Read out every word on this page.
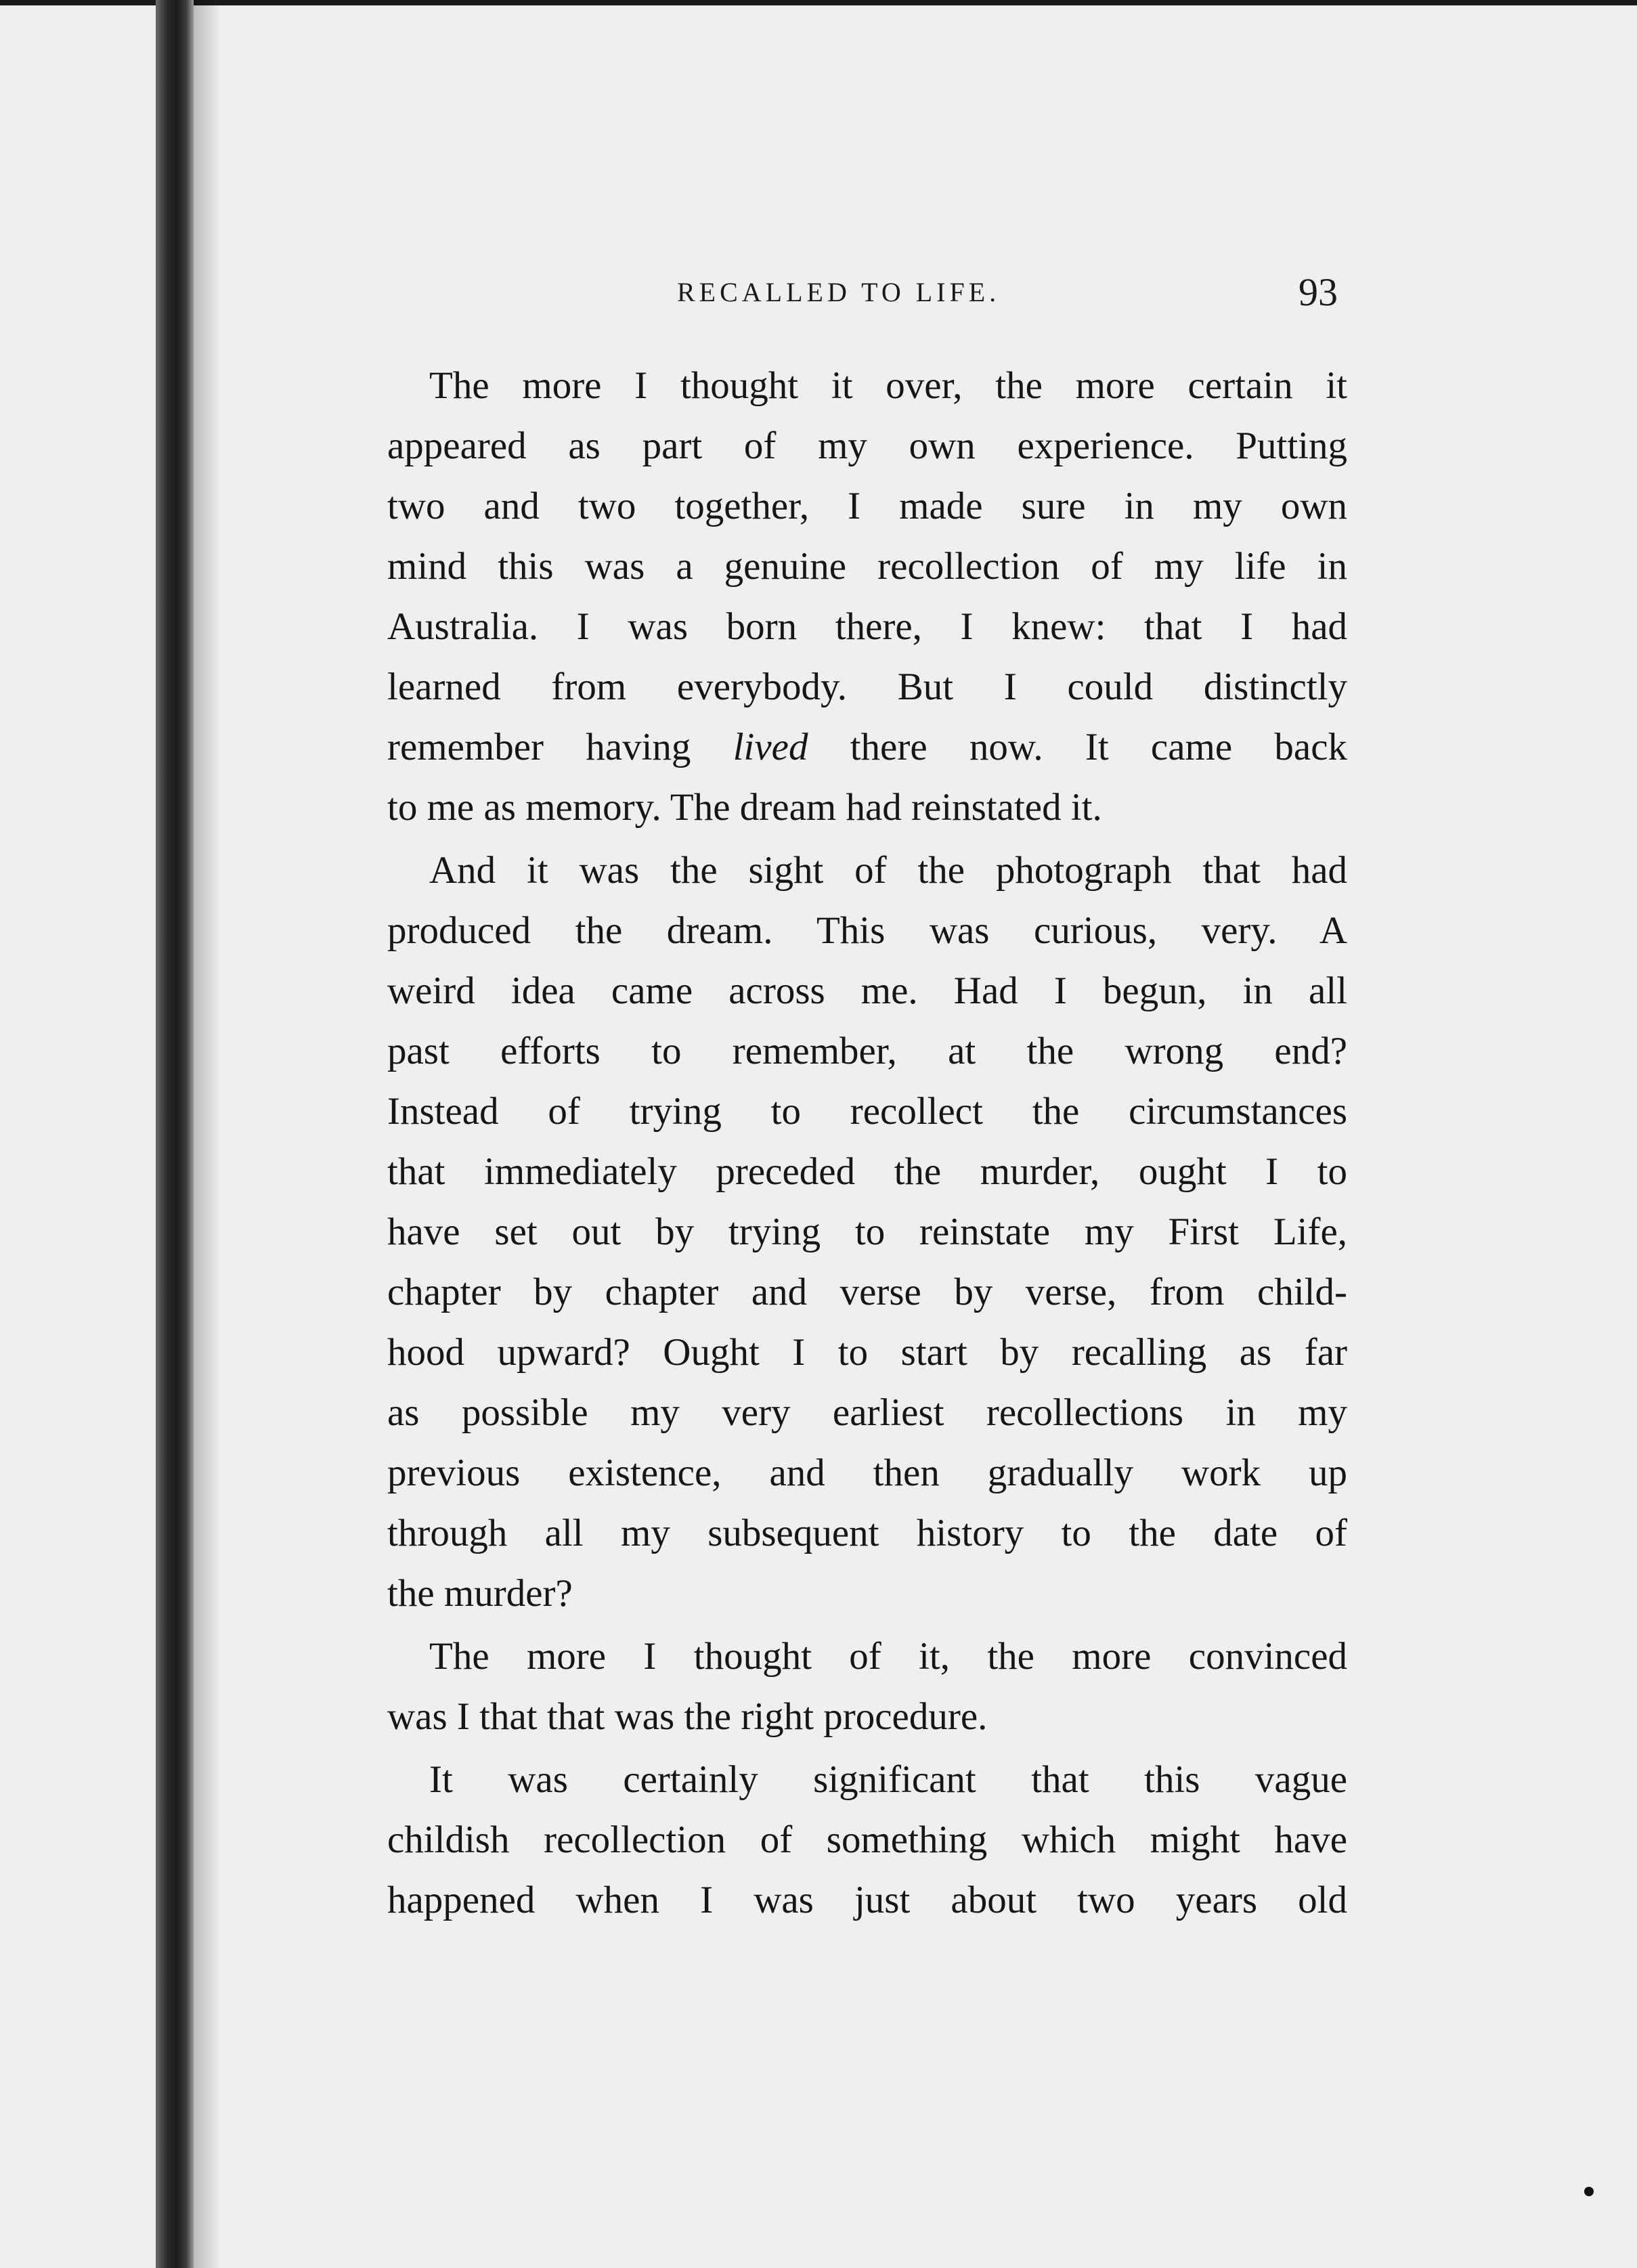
RECALLED TO LIFE.	93
The more I thought it over, the more certain it
appeared as part of my own experience. Putting
two and two together, I made sure in my own
mind this was a genuine recollection of my life in
Australia. I was born there, I knew: that I had
learned from everybody. But I could distinctly
remember having lived there now. It came back
to me as memory. The dream had reinstated it.
And it was the sight of the photograph that had
produced the dream. This was curious, very. A
weird idea came across me. Had I begun, in all
past efforts to remember, at the wrong end?
Instead of trying to recollect the circumstances
that immediately preceded the murder, ought I to
have set out by trying to reinstate my First Life,
chapter by chapter and verse by verse, from child-
hood upward? Ought I to start by recalling as far
as possible my very earliest recollections in my
previous existence, and then gradually work up
through all my subsequent history to the date of
the murder?
The more I thought of it, the more convinced
was I that that was the right procedure.
It was certainly significant that this vague
childish recollection of something which might have
happened when I was just about two years old
